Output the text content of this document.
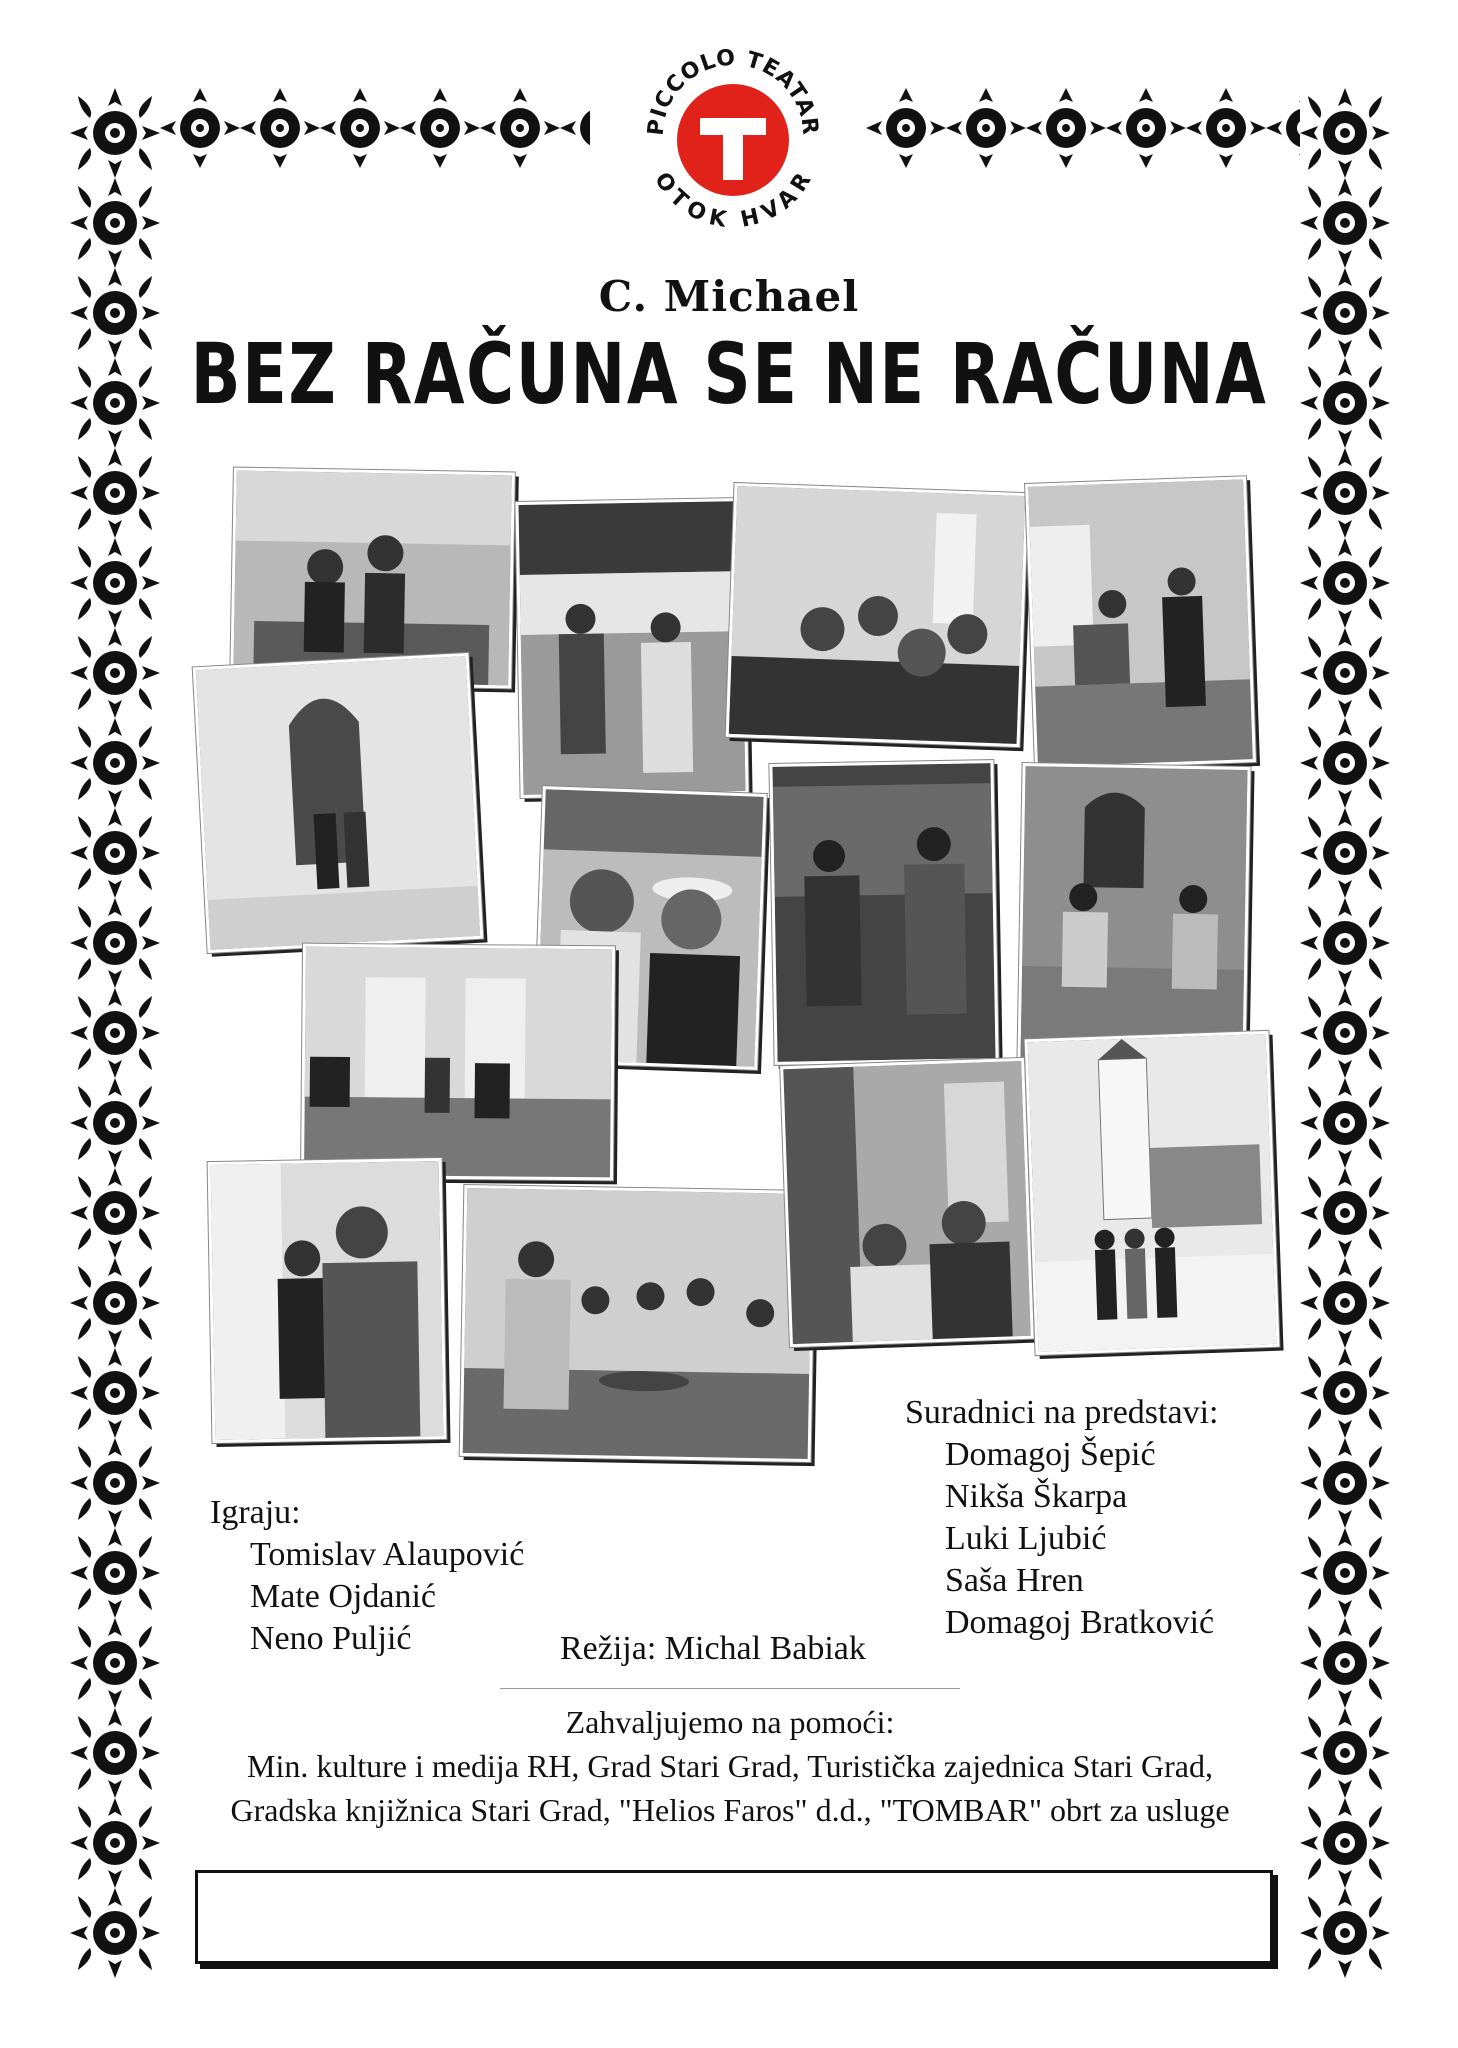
PICCOLO TEATAR
OTOK HVAR
C. Michael
BEZ RAČUNA SE NE RAČUNA
Igraju:
Tomislav Alaupović
Mate Ojdanić
Neno Puljić
Suradnici na predstavi:
Domagoj Šepić
Nikša Škarpa
Luki Ljubić
Saša Hren
Domagoj Bratković
Režija: Michal Babiak
Zahvaljujemo na pomoći:
Min. kulture i medija RH, Grad Stari Grad, Turistička zajednica Stari Grad,
Gradska knjižnica Stari Grad, "Helios Faros" d.d., "TOMBAR" obrt za usluge
